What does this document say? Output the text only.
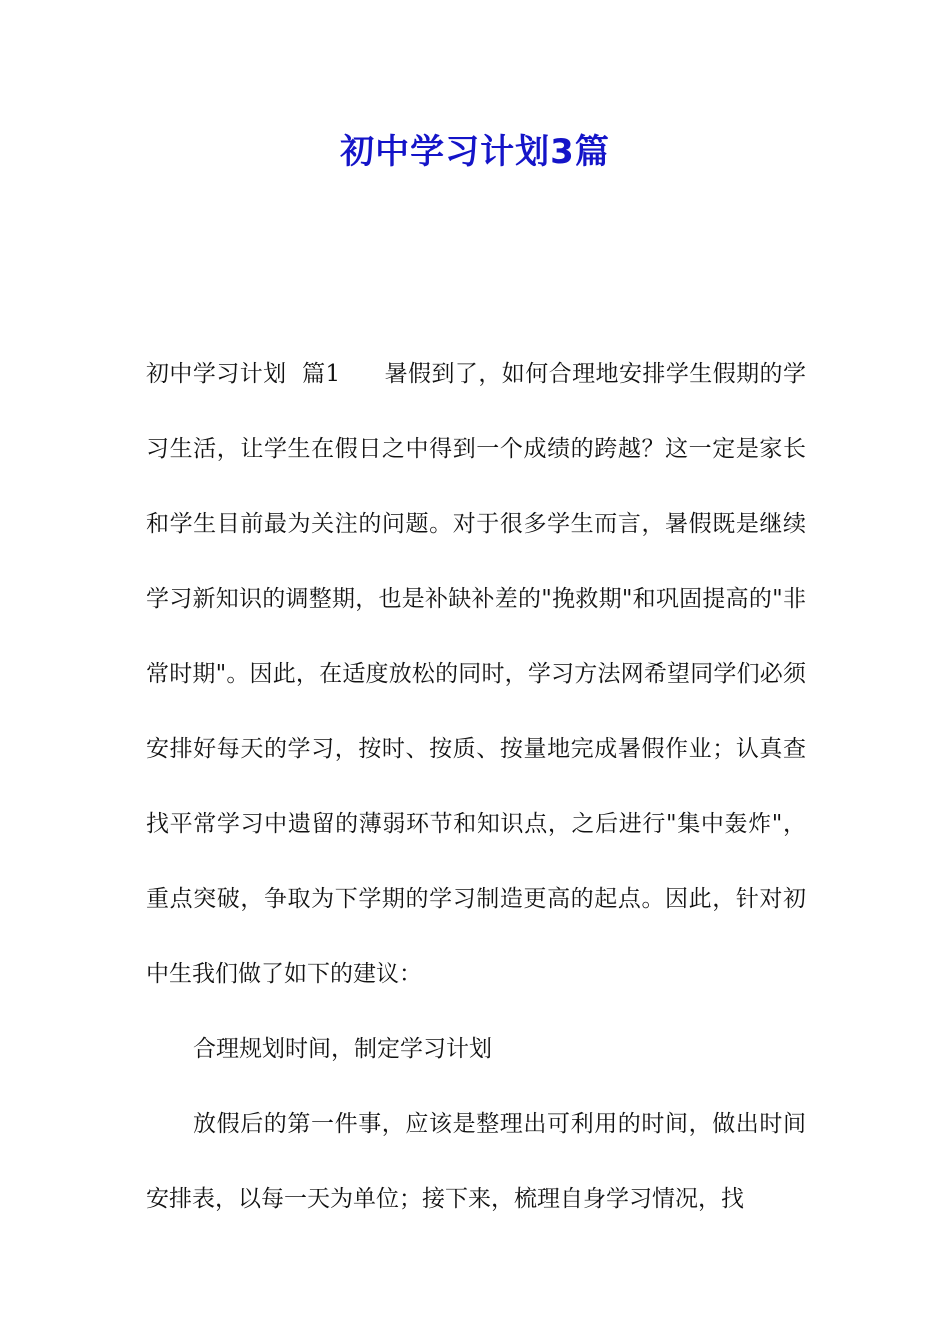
初中学习计划3篇

初中学习计划  篇1 暑假到了，如何合理地安排学生假期的学习生活，让学生在假日之中得到一个成绩的跨越？这一定是家长和学生目前最为关注的问题。对于很多学生而言，暑假既是继续学习新知识的调整期，也是补缺补差的"挽救期"和巩固提高的"非常时期"。因此，在适度放松的同时，学习方法网希望同学们必须安排好每天的学习，按时、按质、按量地完成暑假作业；认真查找平常学习中遗留的薄弱环节和知识点，之后进行"集中轰炸"，重点突破，争取为下学期的学习制造更高的起点。因此，针对初中生我们做了如下的建议：

合理规划时间，制定学习计划

放假后的第一件事，应该是整理出可利用的时间，做出时间安排表，以每一天为单位；接下来，梳理自身学习情况，找
